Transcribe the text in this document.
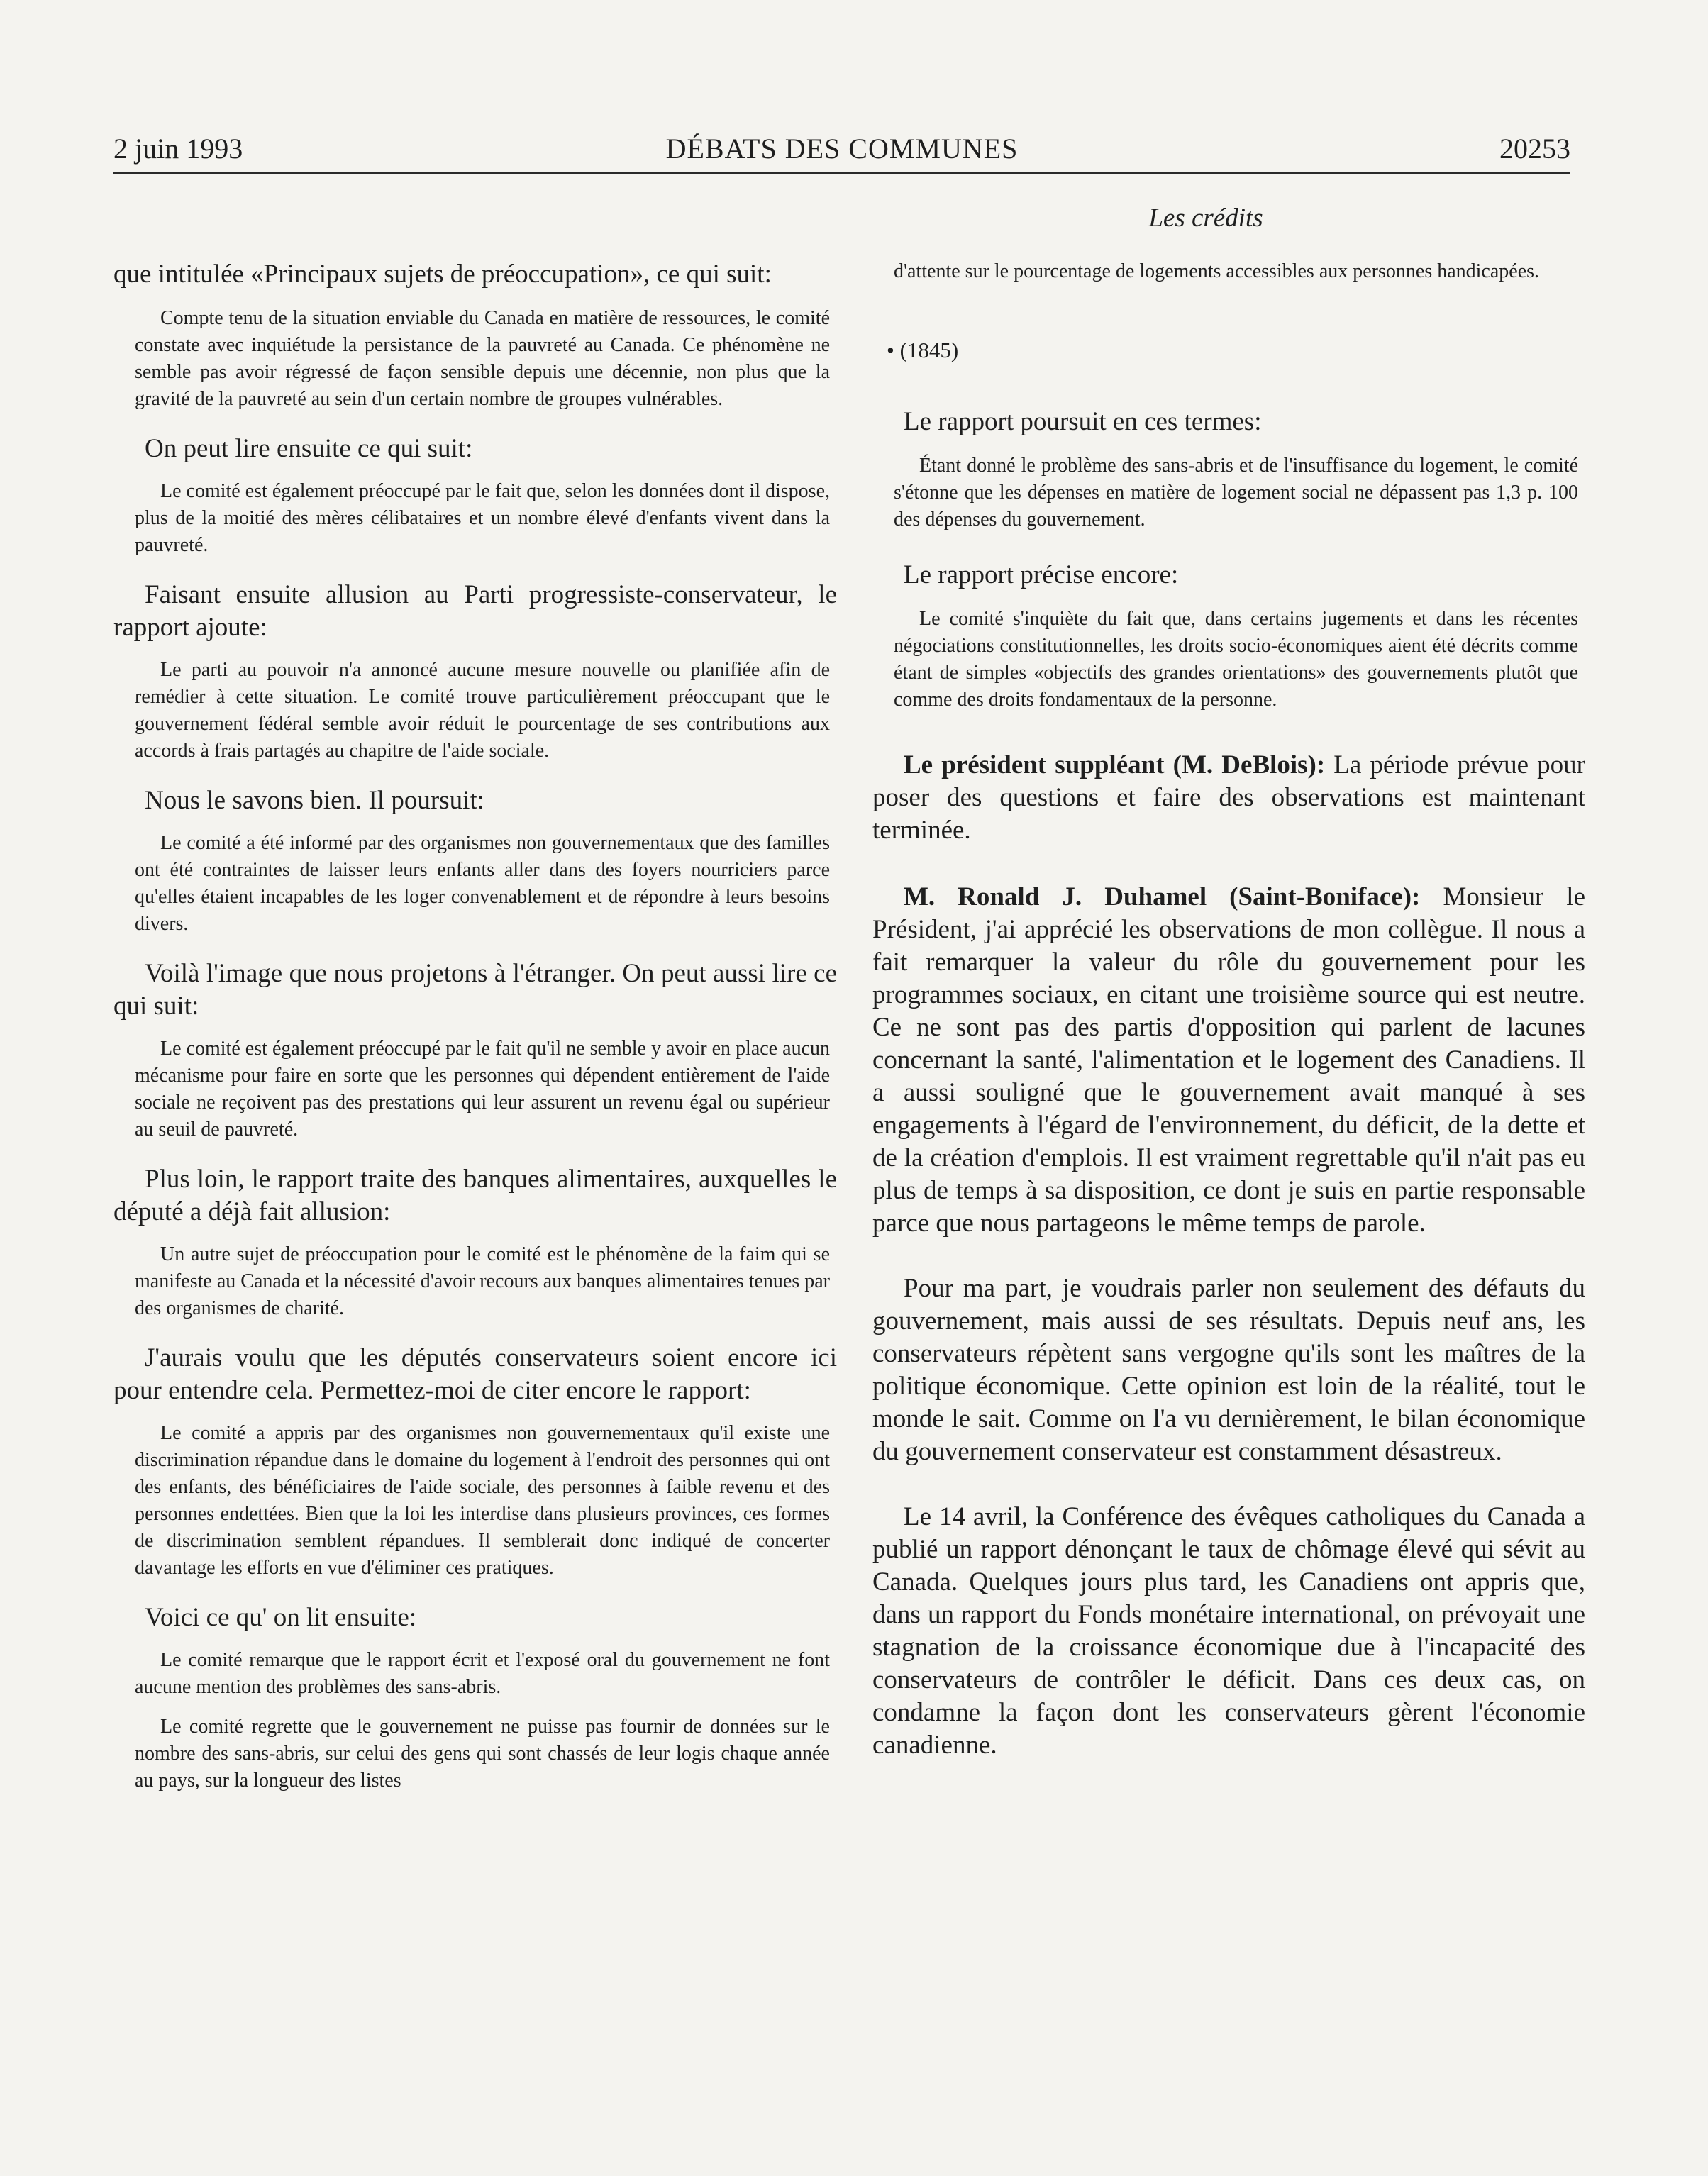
2 juin 1993	DÉBATS DES COMMUNES	20253
Les crédits

que intitulée «Principaux sujets de préoccupation», ce qui suit:

Compte tenu de la situation enviable du Canada en matière de ressources, le comité constate avec inquiétude la persistance de la pauvreté au Canada. Ce phénomène ne semble pas avoir régressé de façon sensible depuis une décennie, non plus que la gravité de la pauvreté au sein d'un certain nombre de groupes vulnérables.

On peut lire ensuite ce qui suit:

Le comité est également préoccupé par le fait que, selon les données dont il dispose, plus de la moitié des mères célibataires et un nombre élevé d'enfants vivent dans la pauvreté.

Faisant ensuite allusion au Parti progressiste-conservateur, le rapport ajoute:

Le parti au pouvoir n'a annoncé aucune mesure nouvelle ou planifiée afin de remédier à cette situation. Le comité trouve particulièrement préoccupant que le gouvernement fédéral semble avoir réduit le pourcentage de ses contributions aux accords à frais partagés au chapitre de l'aide sociale.

Nous le savons bien. Il poursuit:

Le comité a été informé par des organismes non gouvernementaux que des familles ont été contraintes de laisser leurs enfants aller dans des foyers nourriciers parce qu'elles étaient incapables de les loger convenablement et de répondre à leurs besoins divers.

Voilà l'image que nous projetons à l'étranger. On peut aussi lire ce qui suit:

Le comité est également préoccupé par le fait qu'il ne semble y avoir en place aucun mécanisme pour faire en sorte que les personnes qui dépendent entièrement de l'aide sociale ne reçoivent pas des prestations qui leur assurent un revenu égal ou supérieur au seuil de pauvreté.

Plus loin, le rapport traite des banques alimentaires, auxquelles le député a déjà fait allusion:

Un autre sujet de préoccupation pour le comité est le phénomène de la faim qui se manifeste au Canada et la nécessité d'avoir recours aux banques alimentaires tenues par des organismes de charité.

J'aurais voulu que les députés conservateurs soient encore ici pour entendre cela. Permettez-moi de citer encore le rapport:

Le comité a appris par des organismes non gouvernementaux qu'il existe une discrimination répandue dans le domaine du logement à l'endroit des personnes qui ont des enfants, des bénéficiaires de l'aide sociale, des personnes à faible revenu et des personnes endettées. Bien que la loi les interdise dans plusieurs provinces, ces formes de discrimination semblent répandues. Il semblerait donc indiqué de concerter davantage les efforts en vue d'éliminer ces pratiques.

Voici ce qu' on lit ensuite:

Le comité remarque que le rapport écrit et l'exposé oral du gouvernement ne font aucune mention des problèmes des sans-abris.

Le comité regrette que le gouvernement ne puisse pas fournir de données sur le nombre des sans-abris, sur celui des gens qui sont chassés de leur logis chaque année au pays, sur la longueur des listes

d'attente sur le pourcentage de logements accessibles aux personnes handicapées.

• (1845)

Le rapport poursuit en ces termes:

Étant donné le problème des sans-abris et de l'insuffisance du logement, le comité s'étonne que les dépenses en matière de logement social ne dépassent pas 1,3 p. 100 des dépenses du gouvernement.

Le rapport précise encore:

Le comité s'inquiète du fait que, dans certains jugements et dans les récentes négociations constitutionnelles, les droits socio-économiques aient été décrits comme étant de simples «objectifs des grandes orientations» des gouvernements plutôt que comme des droits fondamentaux de la personne.

Le président suppléant (M. DeBlois): La période prévue pour poser des questions et faire des observations est maintenant terminée.

M. Ronald J. Duhamel (Saint-Boniface): Monsieur le Président, j'ai apprécié les observations de mon collègue. Il nous a fait remarquer la valeur du rôle du gouvernement pour les programmes sociaux, en citant une troisième source qui est neutre. Ce ne sont pas des partis d'opposition qui parlent de lacunes concernant la santé, l'alimentation et le logement des Canadiens. Il a aussi souligné que le gouvernement avait manqué à ses engagements à l'égard de l'environnement, du déficit, de la dette et de la création d'emplois. Il est vraiment regrettable qu'il n'ait pas eu plus de temps à sa disposition, ce dont je suis en partie responsable parce que nous partageons le même temps de parole.

Pour ma part, je voudrais parler non seulement des défauts du gouvernement, mais aussi de ses résultats. Depuis neuf ans, les conservateurs répètent sans vergogne qu'ils sont les maîtres de la politique économique. Cette opinion est loin de la réalité, tout le monde le sait. Comme on l'a vu dernièrement, le bilan économique du gouvernement conservateur est constamment désastreux.

Le 14 avril, la Conférence des évêques catholiques du Canada a publié un rapport dénonçant le taux de chômage élevé qui sévit au Canada. Quelques jours plus tard, les Canadiens ont appris que, dans un rapport du Fonds monétaire international, on prévoyait une stagnation de la croissance économique due à l'incapacité des conservateurs de contrôler le déficit. Dans ces deux cas, on condamne la façon dont les conservateurs gèrent l'économie canadienne.
